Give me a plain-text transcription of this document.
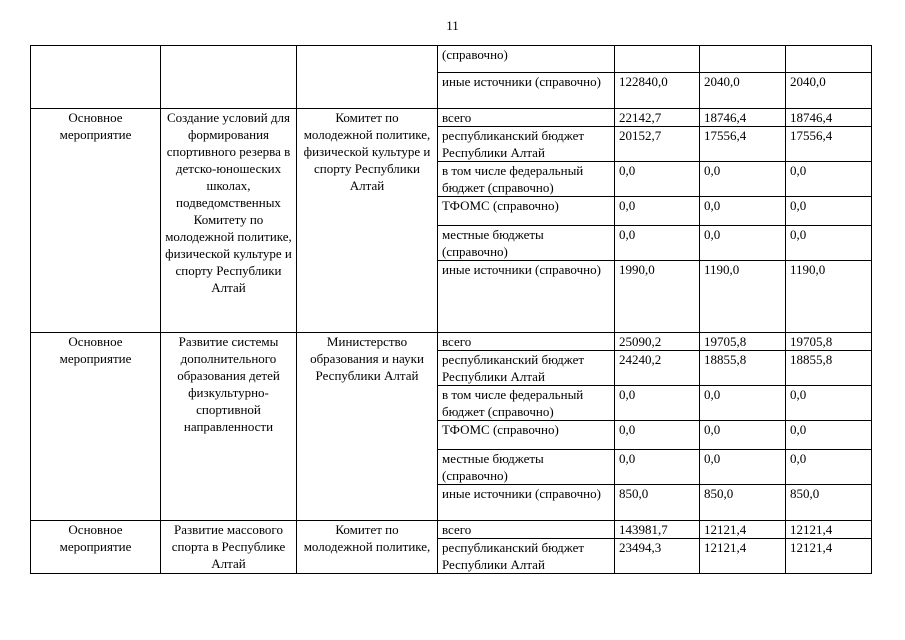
11
			(справочно)			
			иные источники (справочно)	122840,0	2040,0	2040,0
Основное мероприятие	Создание условий для формирования спортивного резерва в детско-юношеских школах, подведомственных Комитету по молодежной политике, физической культуре и спорту Республики Алтай	Комитет по молодежной политике, физической культуре и спорту Республики Алтай	всего	22142,7	18746,4	18746,4
			республиканский бюджет Республики Алтай	20152,7	17556,4	17556,4
			в том числе федеральный бюджет (справочно)	0,0	0,0	0,0
			ТФОМС (справочно)	0,0	0,0	0,0
			местные бюджеты (справочно)	0,0	0,0	0,0
			иные источники (справочно)	1990,0	1190,0	1190,0
Основное мероприятие	Развитие системы дополнительного образования детей физкультурно-спортивной направленности	Министерство образования и науки Республики Алтай	всего	25090,2	19705,8	19705,8
			республиканский бюджет Республики Алтай	24240,2	18855,8	18855,8
			в том числе федеральный бюджет (справочно)	0,0	0,0	0,0
			ТФОМС (справочно)	0,0	0,0	0,0
			местные бюджеты (справочно)	0,0	0,0	0,0
			иные источники (справочно)	850,0	850,0	850,0
Основное мероприятие	Развитие массового спорта в Республике Алтай	Комитет по молодежной политике,	всего	143981,7	12121,4	12121,4
			республиканский бюджет Республики Алтай	23494,3	12121,4	12121,4
